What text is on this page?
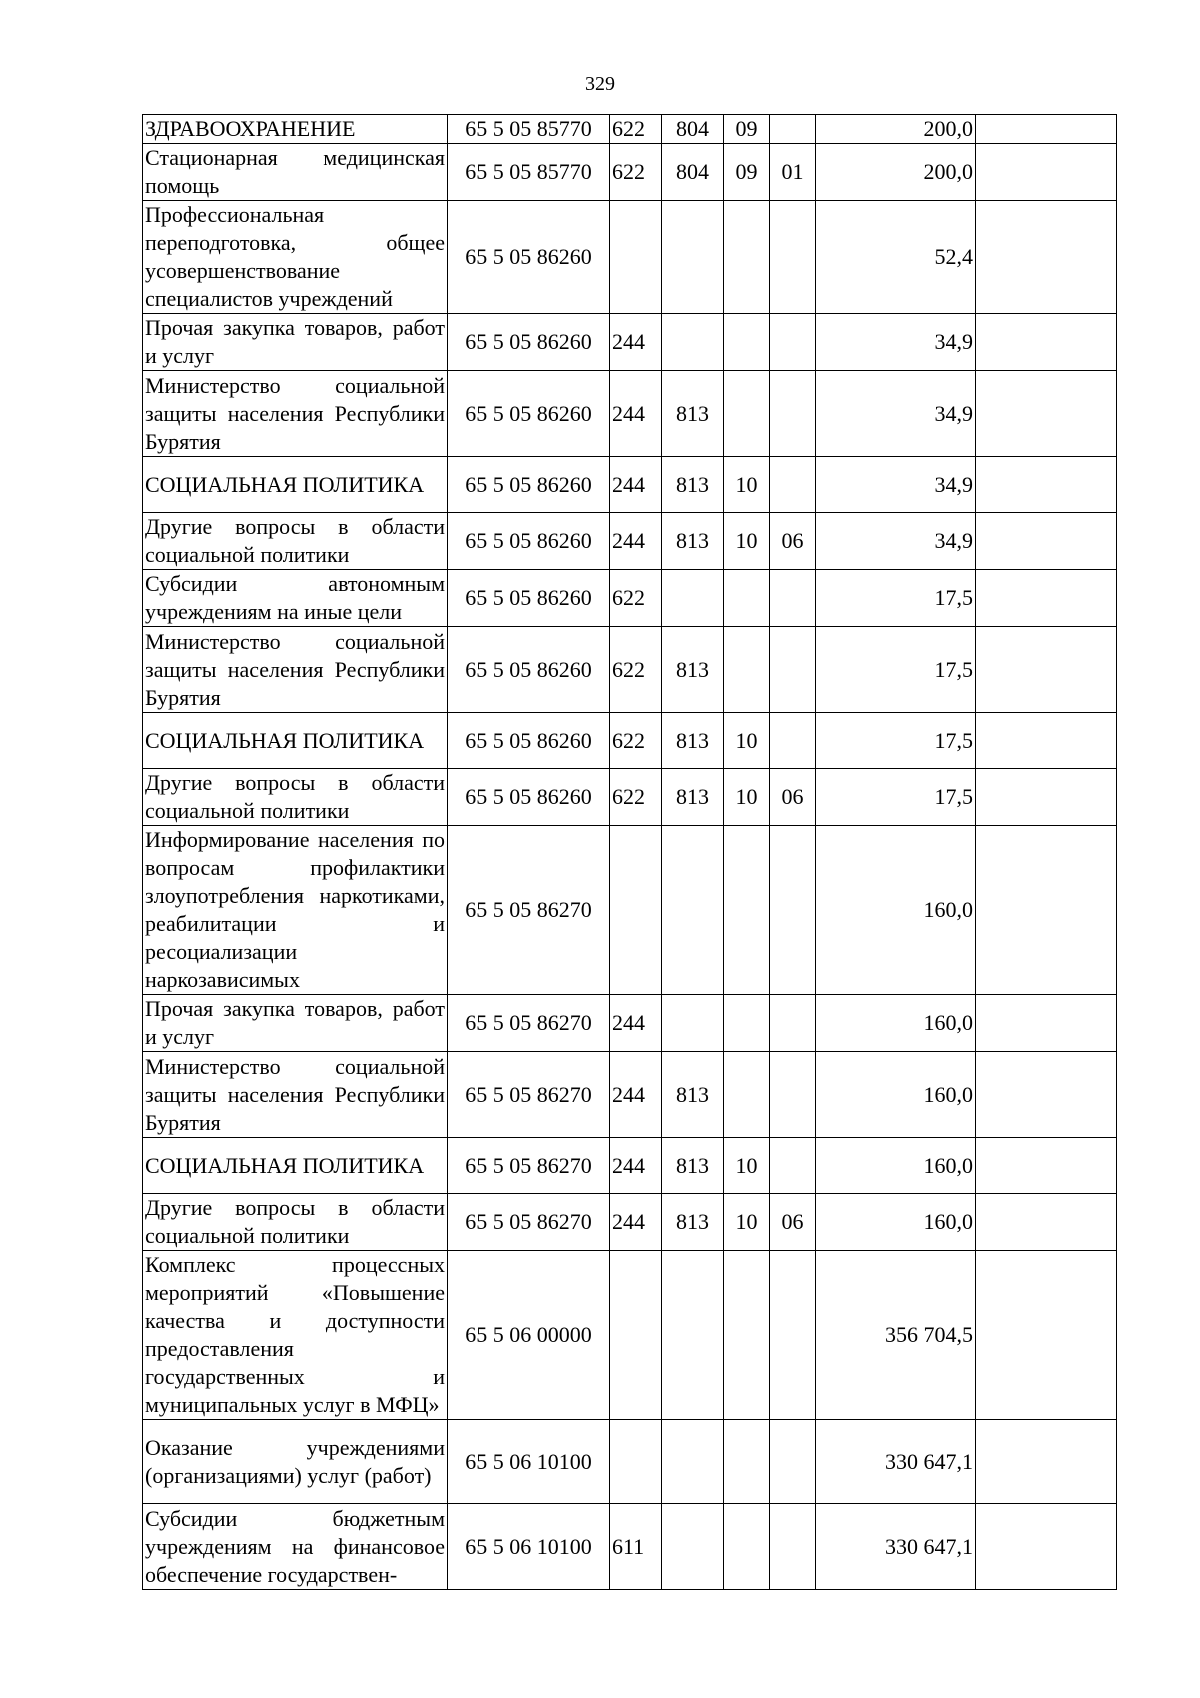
329
ЗДРАВООХРАНЕНИЕ	65 5 05 85770	622	804	09		200,0	
Стационарная медицинская помощь	65 5 05 85770	622	804	09	01	200,0	
Профессиональная переподготовка, общее усовершенствование специалистов учреждений	65 5 05 86260					52,4	
Прочая закупка товаров, работ и услуг	65 5 05 86260	244				34,9	
Министерство социальной защиты населения Республики Бурятия	65 5 05 86260	244	813			34,9	
СОЦИАЛЬНАЯ ПОЛИТИКА	65 5 05 86260	244	813	10		34,9	
Другие вопросы в области социальной политики	65 5 05 86260	244	813	10	06	34,9	
Субсидии автономным учреждениям на иные цели	65 5 05 86260	622				17,5	
Министерство социальной защиты населения Республики Бурятия	65 5 05 86260	622	813			17,5	
СОЦИАЛЬНАЯ ПОЛИТИКА	65 5 05 86260	622	813	10		17,5	
Другие вопросы в области социальной политики	65 5 05 86260	622	813	10	06	17,5	
Информирование населения по вопросам профилактики злоупотребления наркотиками, реабилитации и ресоциализации наркозависимых	65 5 05 86270					160,0	
Прочая закупка товаров, работ и услуг	65 5 05 86270	244				160,0	
Министерство социальной защиты населения Республики Бурятия	65 5 05 86270	244	813			160,0	
СОЦИАЛЬНАЯ ПОЛИТИКА	65 5 05 86270	244	813	10		160,0	
Другие вопросы в области социальной политики	65 5 05 86270	244	813	10	06	160,0	
Комплекс процессных мероприятий «Повышение качества и доступности предоставления государственных и муниципальных услуг в МФЦ»	65 5 06 00000					356 704,5	
Оказание учреждениями (организациями) услуг (работ)	65 5 06 10100					330 647,1	
Субсидии бюджетным учреждениям на финансовое обеспечение государствен-	65 5 06 10100	611				330 647,1	
